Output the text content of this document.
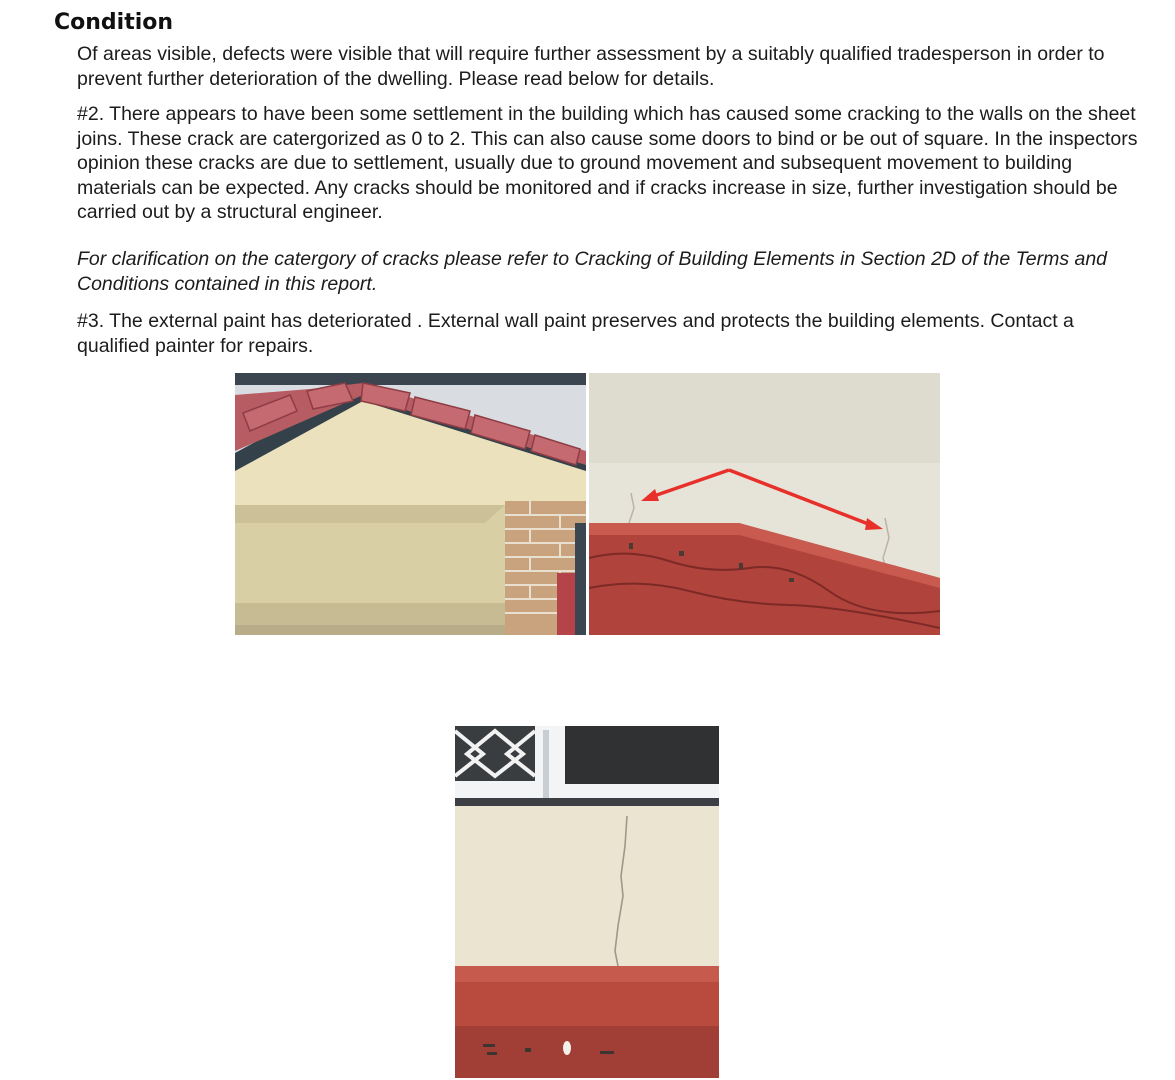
Condition
Of areas visible, defects were visible that will require further assessment by a suitably qualified tradesperson in order to prevent further deterioration of the dwelling. Please read below for details.
#2. There appears to have been some settlement in the building which has caused some cracking to the walls on the sheet joins. These crack are catergorized as 0 to 2. This can also cause some doors to bind or be out of square. In the inspectors opinion these cracks are due to settlement, usually due to ground movement and subsequent movement to building materials can be expected. Any cracks should be monitored and if cracks increase in size, further investigation should be carried out by a structural engineer.
For clarification on the catergory of cracks please refer to Cracking of Building Elements in Section 2D of the Terms and Conditions contained in this report.
#3. The external paint has deteriorated . External wall paint preserves and protects the building elements. Contact a qualified painter for repairs.
